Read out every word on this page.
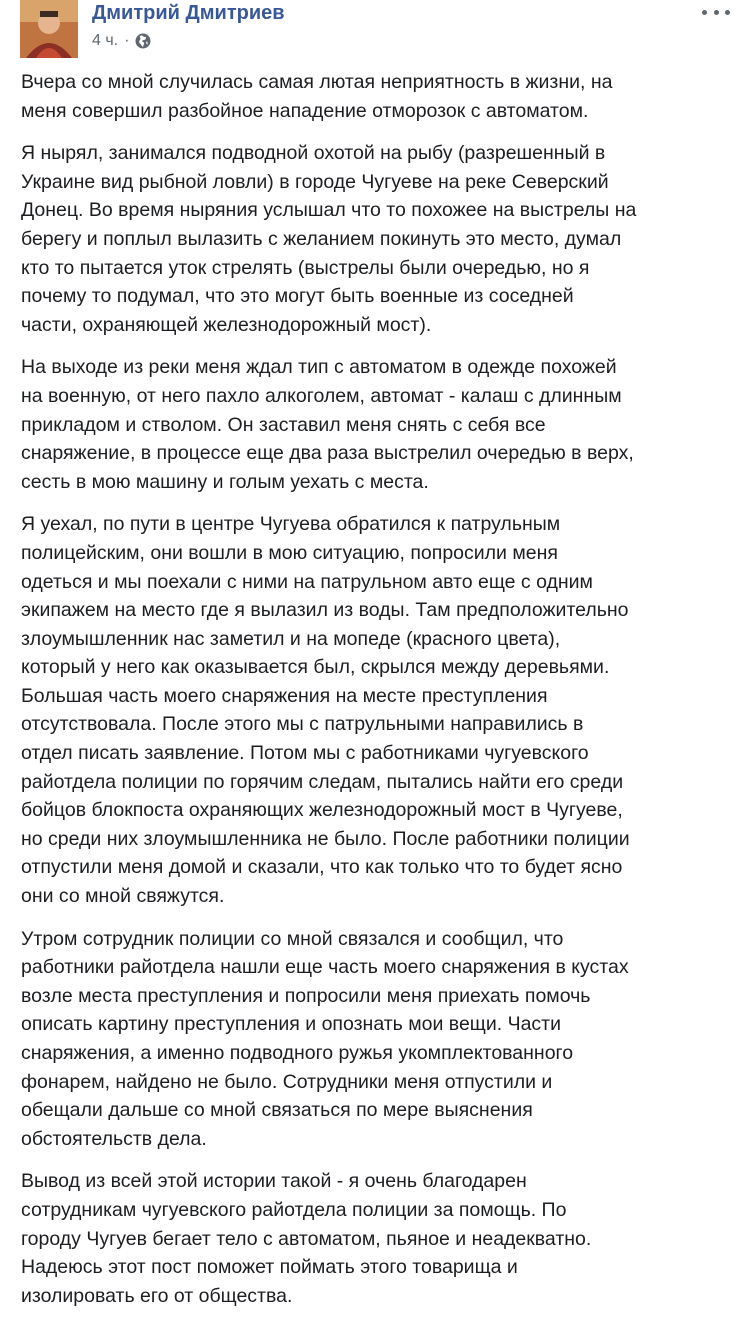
Дмитрий Дмитриев
4 ч. ·

Вчера со мной случилась самая лютая неприятность в жизни, на
меня совершил разбойное нападение отморозок с автоматом.

Я нырял, занимался подводной охотой на рыбу (разрешенный в
Украине вид рыбной ловли) в городе Чугуеве на реке Северский
Донец. Во время ныряния услышал что то похожее на выстрелы на
берегу и поплыл вылазить с желанием покинуть это место, думал
кто то пытается уток стрелять (выстрелы были очередью, но я
почему то подумал, что это могут быть военные из соседней
части, охраняющей железнодорожный мост).

На выходе из реки меня ждал тип с автоматом в одежде похожей
на военную, от него пахло алкоголем, автомат - калаш с длинным
прикладом и стволом. Он заставил меня снять с себя все
снаряжение, в процессе еще два раза выстрелил очередью в верх,
сесть в мою машину и голым уехать с места.

Я уехал, по пути в центре Чугуева обратился к патрульным
полицейским, они вошли в мою ситуацию, попросили меня
одеться и мы поехали с ними на патрульном авто еще с одним
экипажем на место где я вылазил из воды. Там предположительно
злоумышленник нас заметил и на мопеде (красного цвета),
который у него как оказывается был, скрылся между деревьями.
Большая часть моего снаряжения на месте преступления
отсутствовала. После этого мы с патрульными направились в
отдел писать заявление. Потом мы с работниками чугуевского
райотдела полиции по горячим следам, пытались найти его среди
бойцов блокпоста охраняющих железнодорожный мост в Чугуеве,
но среди них злоумышленника не было. После работники полиции
отпустили меня домой и сказали, что как только что то будет ясно
они со мной свяжутся.

Утром сотрудник полиции со мной связался и сообщил, что
работники райотдела нашли еще часть моего снаряжения в кустах
возле места преступления и попросили меня приехать помочь
описать картину преступления и опознать мои вещи. Части
снаряжения, а именно подводного ружья укомплектованного
фонарем, найдено не было. Сотрудники меня отпустили и
обещали дальше со мной связаться по мере выяснения
обстоятельств дела.

Вывод из всей этой истории такой - я очень благодарен
сотрудникам чугуевского райотдела полиции за помощь. По
городу Чугуев бегает тело с автоматом, пьяное и неадекватно.
Надеюсь этот пост поможет поймать этого товарища и
изолировать его от общества.
